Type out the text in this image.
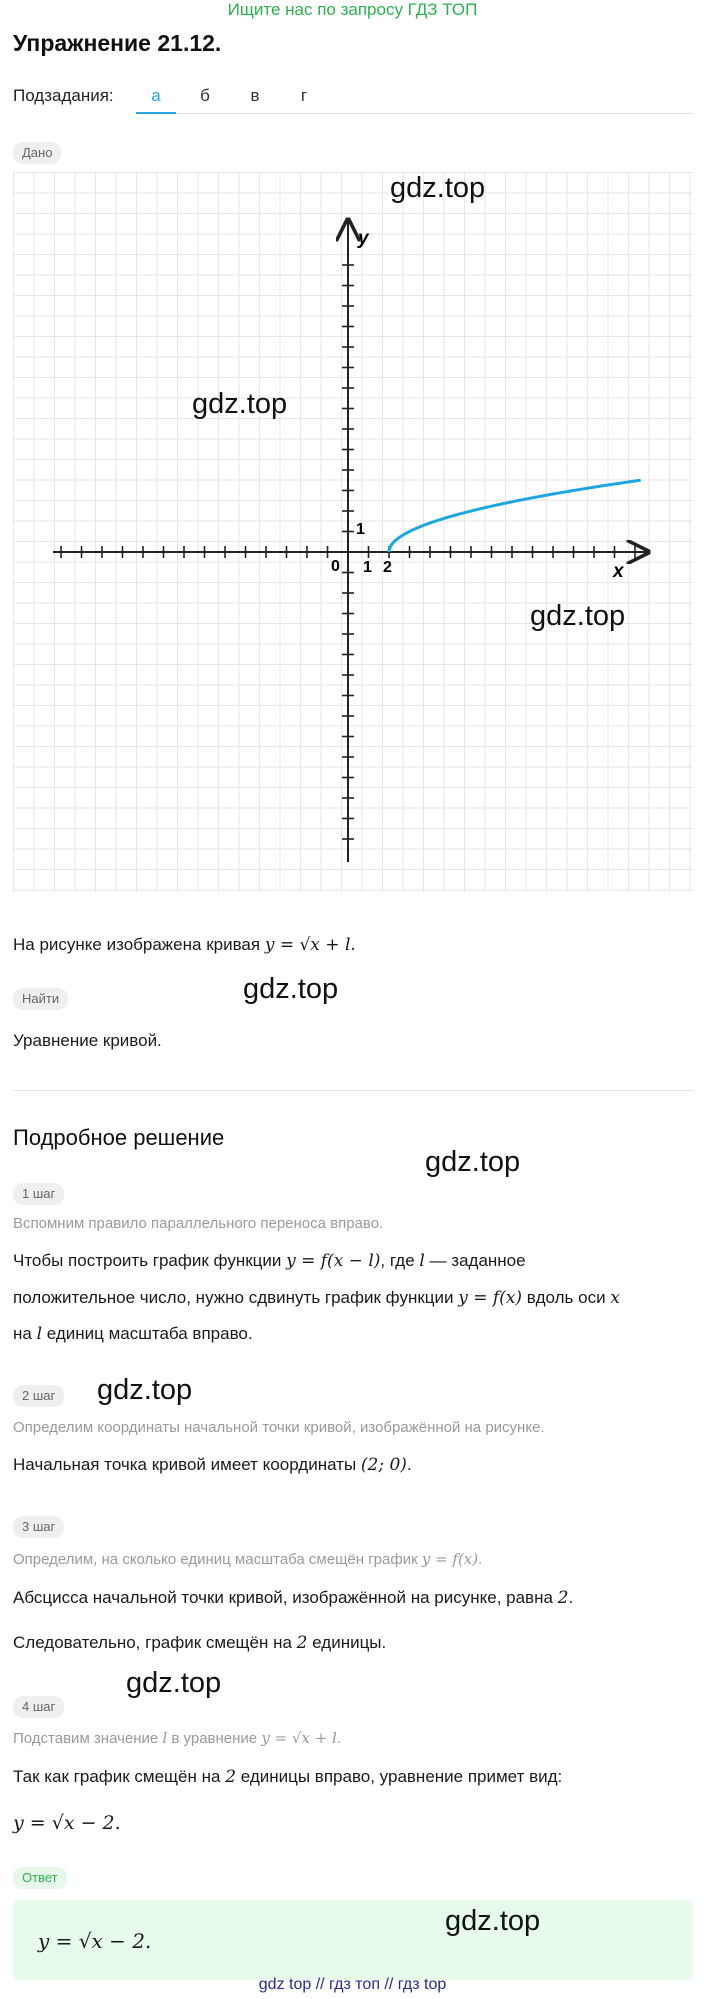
Ищите нас по запросу ГДЗ ТОП
Упражнение 21.12.
Подзадания:	а	б	в	г
Дано
y
x
0 1 2
1
gdz.top
gdz.top
gdz.top
На рисунке изображена кривая y = √x + l.
Найти	gdz.top
Уравнение кривой.
Подробное решение
gdz.top
1 шаг
Вспомним правило параллельного переноса вправо.
Чтобы построить график функции y = f(x − l), где l — заданное
положительное число, нужно сдвинуть график функции y = f(x) вдоль оси x
на l единиц масштаба вправо.
2 шаг	gdz.top
Определим координаты начальной точки кривой, изображённой на рисунке.
Начальная точка кривой имеет координаты (2; 0).
3 шаг
Определим, на сколько единиц масштаба смещён график y = f(x).
Абсцисса начальной точки кривой, изображённой на рисунке, равна 2.
Следовательно, график смещён на 2 единицы.
gdz.top
4 шаг
Подставим значение l в уравнение y = √x + l.
Так как график смещён на 2 единицы вправо, уравнение примет вид:
y = √x − 2.
Ответ
y = √x − 2.
gdz.top
gdz top // гдз топ // гдз top
